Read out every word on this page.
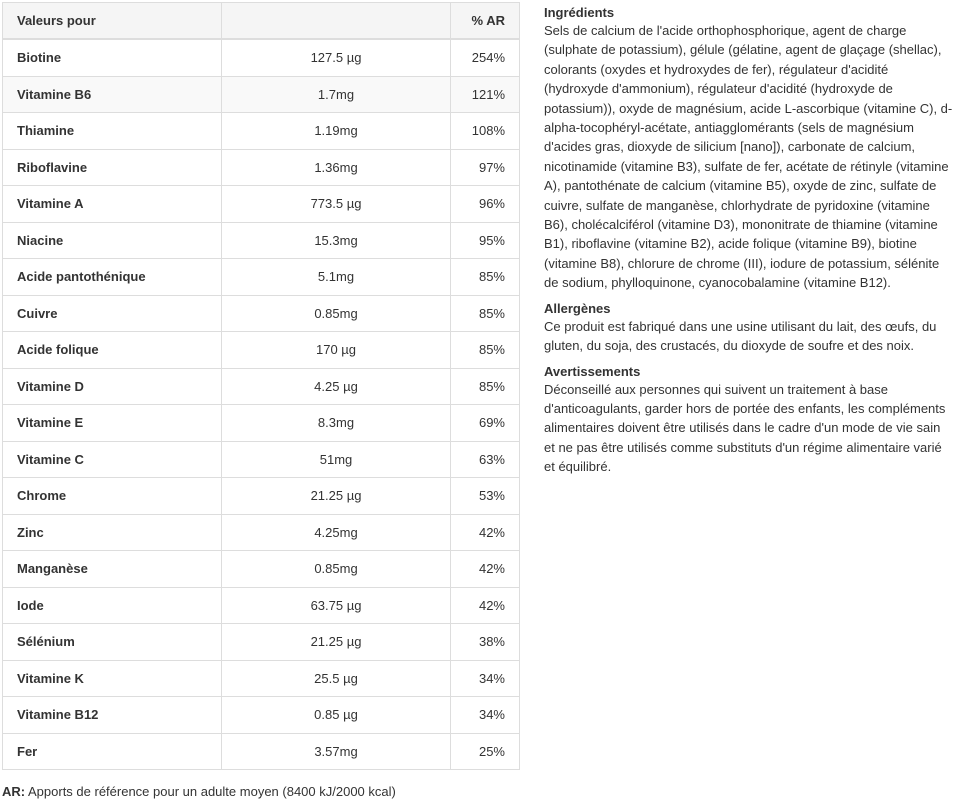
Valeurs pour		% AR
Biotine	127.5 µg	254%
Vitamine B6	1.7mg	121%
Thiamine	1.19mg	108%
Riboflavine	1.36mg	97%
Vitamine A	773.5 µg	96%
Niacine	15.3mg	95%
Acide pantothénique	5.1mg	85%
Cuivre	0.85mg	85%
Acide folique	170 µg	85%
Vitamine D	4.25 µg	85%
Vitamine E	8.3mg	69%
Vitamine C	51mg	63%
Chrome	21.25 µg	53%
Zinc	4.25mg	42%
Manganèse	0.85mg	42%
Iode	63.75 µg	42%
Sélénium	21.25 µg	38%
Vitamine K	25.5 µg	34%
Vitamine B12	0.85 µg	34%
Fer	3.57mg	25%
AR: Apports de référence pour un adulte moyen (8400 kJ/2000 kcal)
Ingrédients

Sels de calcium de l'acide orthophosphorique, agent de charge (sulphate de potassium), gélule (gélatine, agent de glaçage (shellac), colorants (oxydes et hydroxydes de fer), régulateur d'acidité (hydroxyde d'ammonium), régulateur d'acidité (hydroxyde de potassium)), oxyde de magnésium, acide L-ascorbique (vitamine C), d-alpha-tocophéryl-acétate, antiagglomérants (sels de magnésium d'acides gras, dioxyde de silicium [nano]), carbonate de calcium, nicotinamide (vitamine B3), sulfate de fer, acétate de rétinyle (vitamine A), pantothénate de calcium (vitamine B5), oxyde de zinc, sulfate de cuivre, sulfate de manganèse, chlorhydrate de pyridoxine (vitamine B6), cholécalciférol (vitamine D3), mononitrate de thiamine (vitamine B1), riboflavine (vitamine B2), acide folique (vitamine B9), biotine (vitamine B8), chlorure de chrome (III), iodure de potassium, sélénite de sodium, phylloquinone, cyanocobalamine (vitamine B12).

Allergènes

Ce produit est fabriqué dans une usine utilisant du lait, des œufs, du gluten, du soja, des crustacés, du dioxyde de soufre et des noix.

Avertissements

Déconseillé aux personnes qui suivent un traitement à base d'anticoagulants, garder hors de portée des enfants, les compléments alimentaires doivent être utilisés dans le cadre d'un mode de vie sain et ne pas être utilisés comme substituts d'un régime alimentaire varié et équilibré.
